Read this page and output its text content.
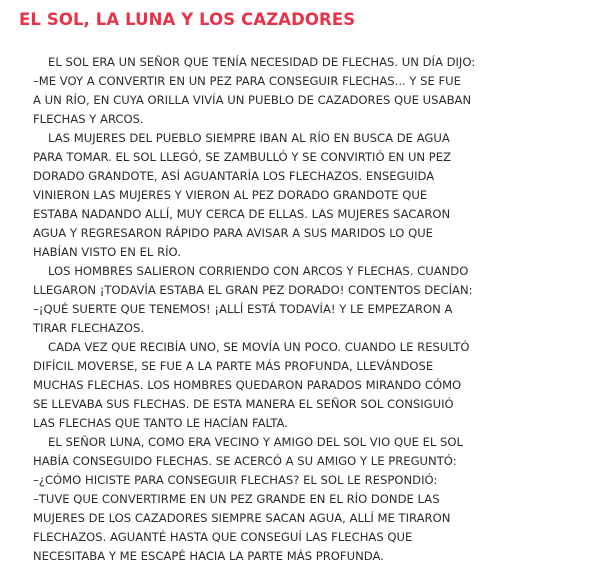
EL SOL, LA LUNA Y LOS CAZADORES
EL SOL ERA UN SEÑOR QUE TENÍA NECESIDAD DE FLECHAS. UN DÍA DIJO:
–ME VOY A CONVERTIR EN UN PEZ PARA CONSEGUIR FLECHAS... Y SE FUE
A UN RÍO, EN CUYA ORILLA VIVÍA UN PUEBLO DE CAZADORES QUE USABAN
FLECHAS Y ARCOS.
LAS MUJERES DEL PUEBLO SIEMPRE IBAN AL RÍO EN BUSCA DE AGUA
PARA TOMAR. EL SOL LLEGÓ, SE ZAMBULLÓ Y SE CONVIRTIÓ EN UN PEZ
DORADO GRANDOTE, ASÍ AGUANTARÍA LOS FLECHAZOS. ENSEGUIDA
VINIERON LAS MUJERES Y VIERON AL PEZ DORADO GRANDOTE QUE
ESTABA NADANDO ALLÍ, MUY CERCA DE ELLAS. LAS MUJERES SACARON
AGUA Y REGRESARON RÁPIDO PARA AVISAR A SUS MARIDOS LO QUE
HABÍAN VISTO EN EL RÍO.
LOS HOMBRES SALIERON CORRIENDO CON ARCOS Y FLECHAS. CUANDO
LLEGARON ¡TODAVÍA ESTABA EL GRAN PEZ DORADO! CONTENTOS DECÍAN:
–¡QUÉ SUERTE QUE TENEMOS! ¡ALLÍ ESTÁ TODAVÍA! Y LE EMPEZARON A
TIRAR FLECHAZOS.
CADA VEZ QUE RECIBÍA UNO, SE MOVÍA UN POCO. CUANDO LE RESULTÓ
DIFÍCIL MOVERSE, SE FUE A LA PARTE MÁS PROFUNDA, LLEVÁNDOSE
MUCHAS FLECHAS. LOS HOMBRES QUEDARON PARADOS MIRANDO CÓMO
SE LLEVABA SUS FLECHAS. DE ESTA MANERA EL SEÑOR SOL CONSIGUIÓ
LAS FLECHAS QUE TANTO LE HACÍAN FALTA.
EL SEÑOR LUNA, COMO ERA VECINO Y AMIGO DEL SOL VIO QUE EL SOL
HABÍA CONSEGUIDO FLECHAS. SE ACERCÓ A SU AMIGO Y LE PREGUNTÓ:
–¿CÓMO HICISTE PARA CONSEGUIR FLECHAS? EL SOL LE RESPONDIÓ:
–TUVE QUE CONVERTIRME EN UN PEZ GRANDE EN EL RÍO DONDE LAS
MUJERES DE LOS CAZADORES SIEMPRE SACAN AGUA, ALLÍ ME TIRARON
FLECHAZOS. AGUANTÉ HASTA QUE CONSEGUÍ LAS FLECHAS QUE
NECESITABA Y ME ESCAPÉ HACIA LA PARTE MÁS PROFUNDA.
